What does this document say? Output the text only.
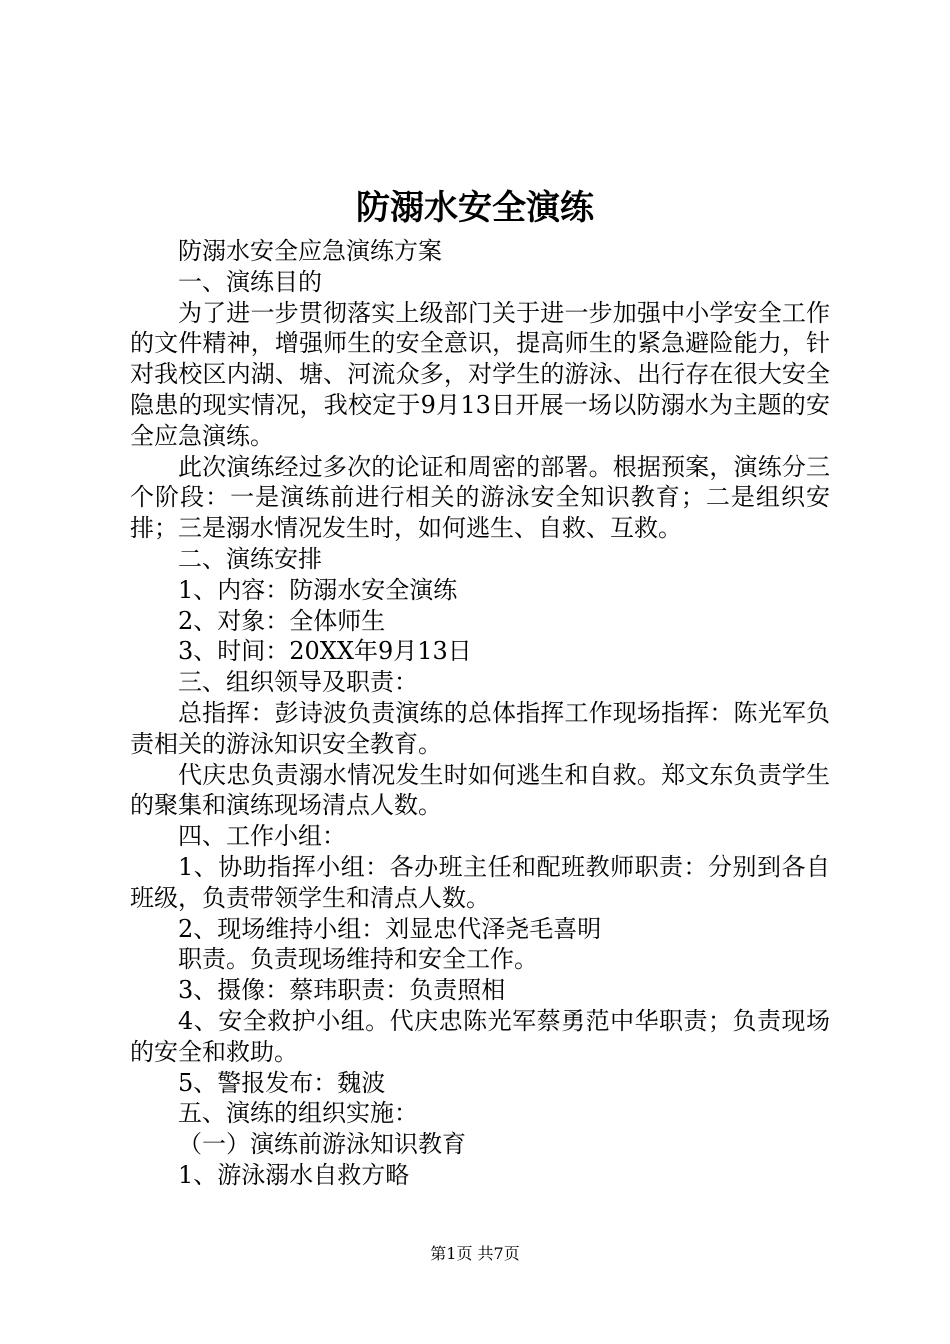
防溺水安全演练

防溺水安全应急演练方案

一、演练目的

为了进一步贯彻落实上级部门关于进一步加强中小学安全工作的文件精神，增强师生的安全意识，提高师生的紧急避险能力，针对我校区内湖、塘、河流众多，对学生的游泳、出行存在很大安全隐患的现实情况，我校定于9月13日开展一场以防溺水为主题的安全应急演练。

此次演练经过多次的论证和周密的部署。根据预案，演练分三个阶段：一是演练前进行相关的游泳安全知识教育；二是组织安排；三是溺水情况发生时，如何逃生、自救、互救。

二、演练安排

1、内容：防溺水安全演练

2、对象：全体师生

3、时间：20XX年9月13日

三、组织领导及职责：

总指挥：彭诗波负责演练的总体指挥工作现场指挥：陈光军负责相关的游泳知识安全教育。

代庆忠负责溺水情况发生时如何逃生和自救。郑文东负责学生的聚集和演练现场清点人数。

四、工作小组：

1、协助指挥小组：各办班主任和配班教师职责：分别到各自班级，负责带领学生和清点人数。

2、现场维持小组：刘显忠代泽尧毛喜明

职责。负责现场维持和安全工作。

3、摄像：蔡玮职责：负责照相

4、安全救护小组。代庆忠陈光军蔡勇范中华职责；负责现场的安全和救助。

5、警报发布：魏波

五、演练的组织实施：

（一）演练前游泳知识教育

1、游泳溺水自救方略

第1页 共7页
